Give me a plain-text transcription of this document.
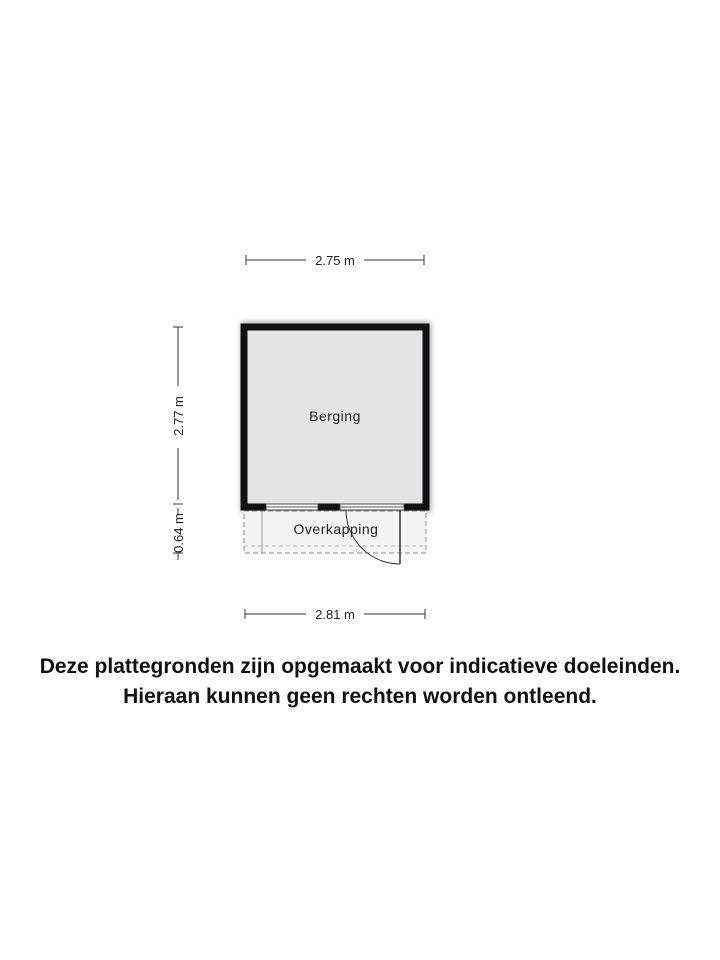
2.75 m
2.81 m
2.77 m
0.64 m
Berging
Overkapping
Deze plattegronden zijn opgemaakt voor indicatieve doeleinden.
Hieraan kunnen geen rechten worden ontleend.
